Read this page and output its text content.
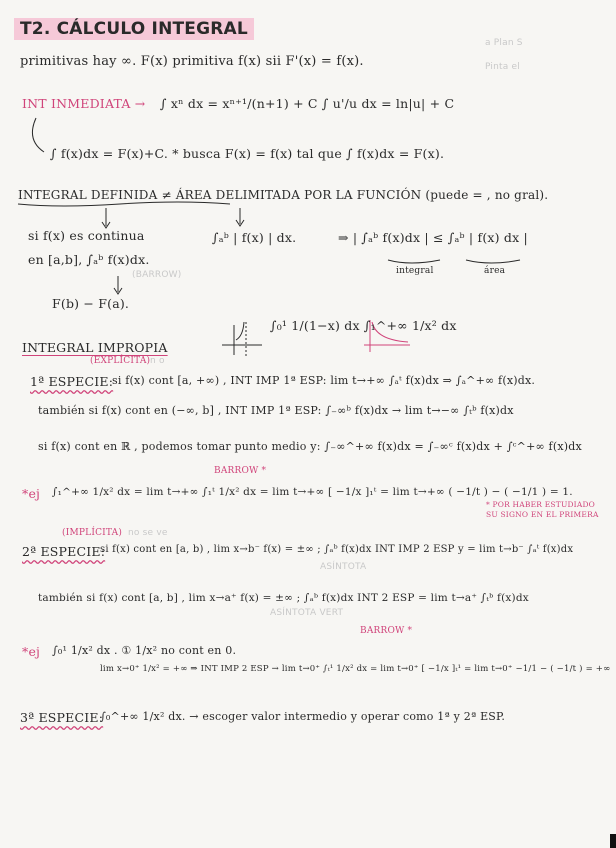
T2. CÁLCULO INTEGRAL
a Plan S
Pinta el
primitivas hay ∞. F(x) primitiva f(x) sii F'(x) = f(x).
INT INMEDIATA → ∫ xⁿ dx = xⁿ⁺¹/(n+1) + C ∫ u'/u dx = ln|u| + C
∫ f(x)dx = F(x)+C. * busca F(x) = f(x) tal que ∫ f(x)dx = F(x).
INTEGRAL DEFINIDA ≠ ÁREA DELIMITADA POR LA FUNCIÓN (puede = , no gral).
si f(x) es continua
en [a,b], ∫ₐᵇ f(x)dx.
(BARROW)
∫ₐᵇ | f(x) | dx.	⇒ | ∫ₐᵇ f(x)dx | ≤ ∫ₐᵇ | f(x) dx |
integral	área
F(b) − F(a).
INTEGRAL IMPROPIA
(EXPLÍCITA) n o
∫₀¹ 1/(1−x) dx ∫₁^+∞ 1/x² dx
1ª ESPECIE:
si f(x) cont [a, +∞) , INT IMP 1ª ESP: lim t→+∞ ∫ₐᵗ f(x)dx ⇒ ∫ₐ^+∞ f(x)dx.
también si f(x) cont en (−∞, b] , INT IMP 1ª ESP: ∫₋∞ᵇ f(x)dx → lim t→−∞ ∫ₜᵇ f(x)dx
si f(x) cont en ℝ , podemos tomar punto medio y: ∫₋∞^+∞ f(x)dx = ∫₋∞ᶜ f(x)dx + ∫ᶜ^+∞ f(x)dx
*ej
BARROW *
∫₁^+∞ 1/x² dx = lim t→+∞ ∫₁ᵗ 1/x² dx = lim t→+∞ [ −1/x ]₁ᵗ = lim t→+∞ ( −1/t ) − ( −1/1 ) = 1.
* POR HABER ESTUDIADO
SU SIGNO EN EL PRIMERA
(IMPLÍCITA) no se ve
2ª ESPECIE:
si f(x) cont en [a, b) , lim x→b⁻ f(x) = ±∞ ; ∫ₐᵇ f(x)dx INT IMP 2 ESP y = lim t→b⁻ ∫ₐᵗ f(x)dx
ASÍNTOTA
también si f(x) cont [a, b] , lim x→a⁺ f(x) = ±∞ ; ∫ₐᵇ f(x)dx INT 2 ESP = lim t→a⁺ ∫ₜᵇ f(x)dx
ASÍNTOTA VERT
*ej
BARROW *
∫₀¹ 1/x² dx . ① 1/x² no cont en 0.
lim x→0⁺ 1/x² = +∞ ⇒ INT IMP 2 ESP → lim t→0⁺ ∫ₜ¹ 1/x² dx = lim t→0⁺ [ −1/x ]ₜ¹ = lim t→0⁺ −1/1 − ( −1/t ) = +∞
3ª ESPECIE:
∫₀^+∞ 1/x² dx. → escoger valor intermedio y operar como 1ª y 2ª ESP.
